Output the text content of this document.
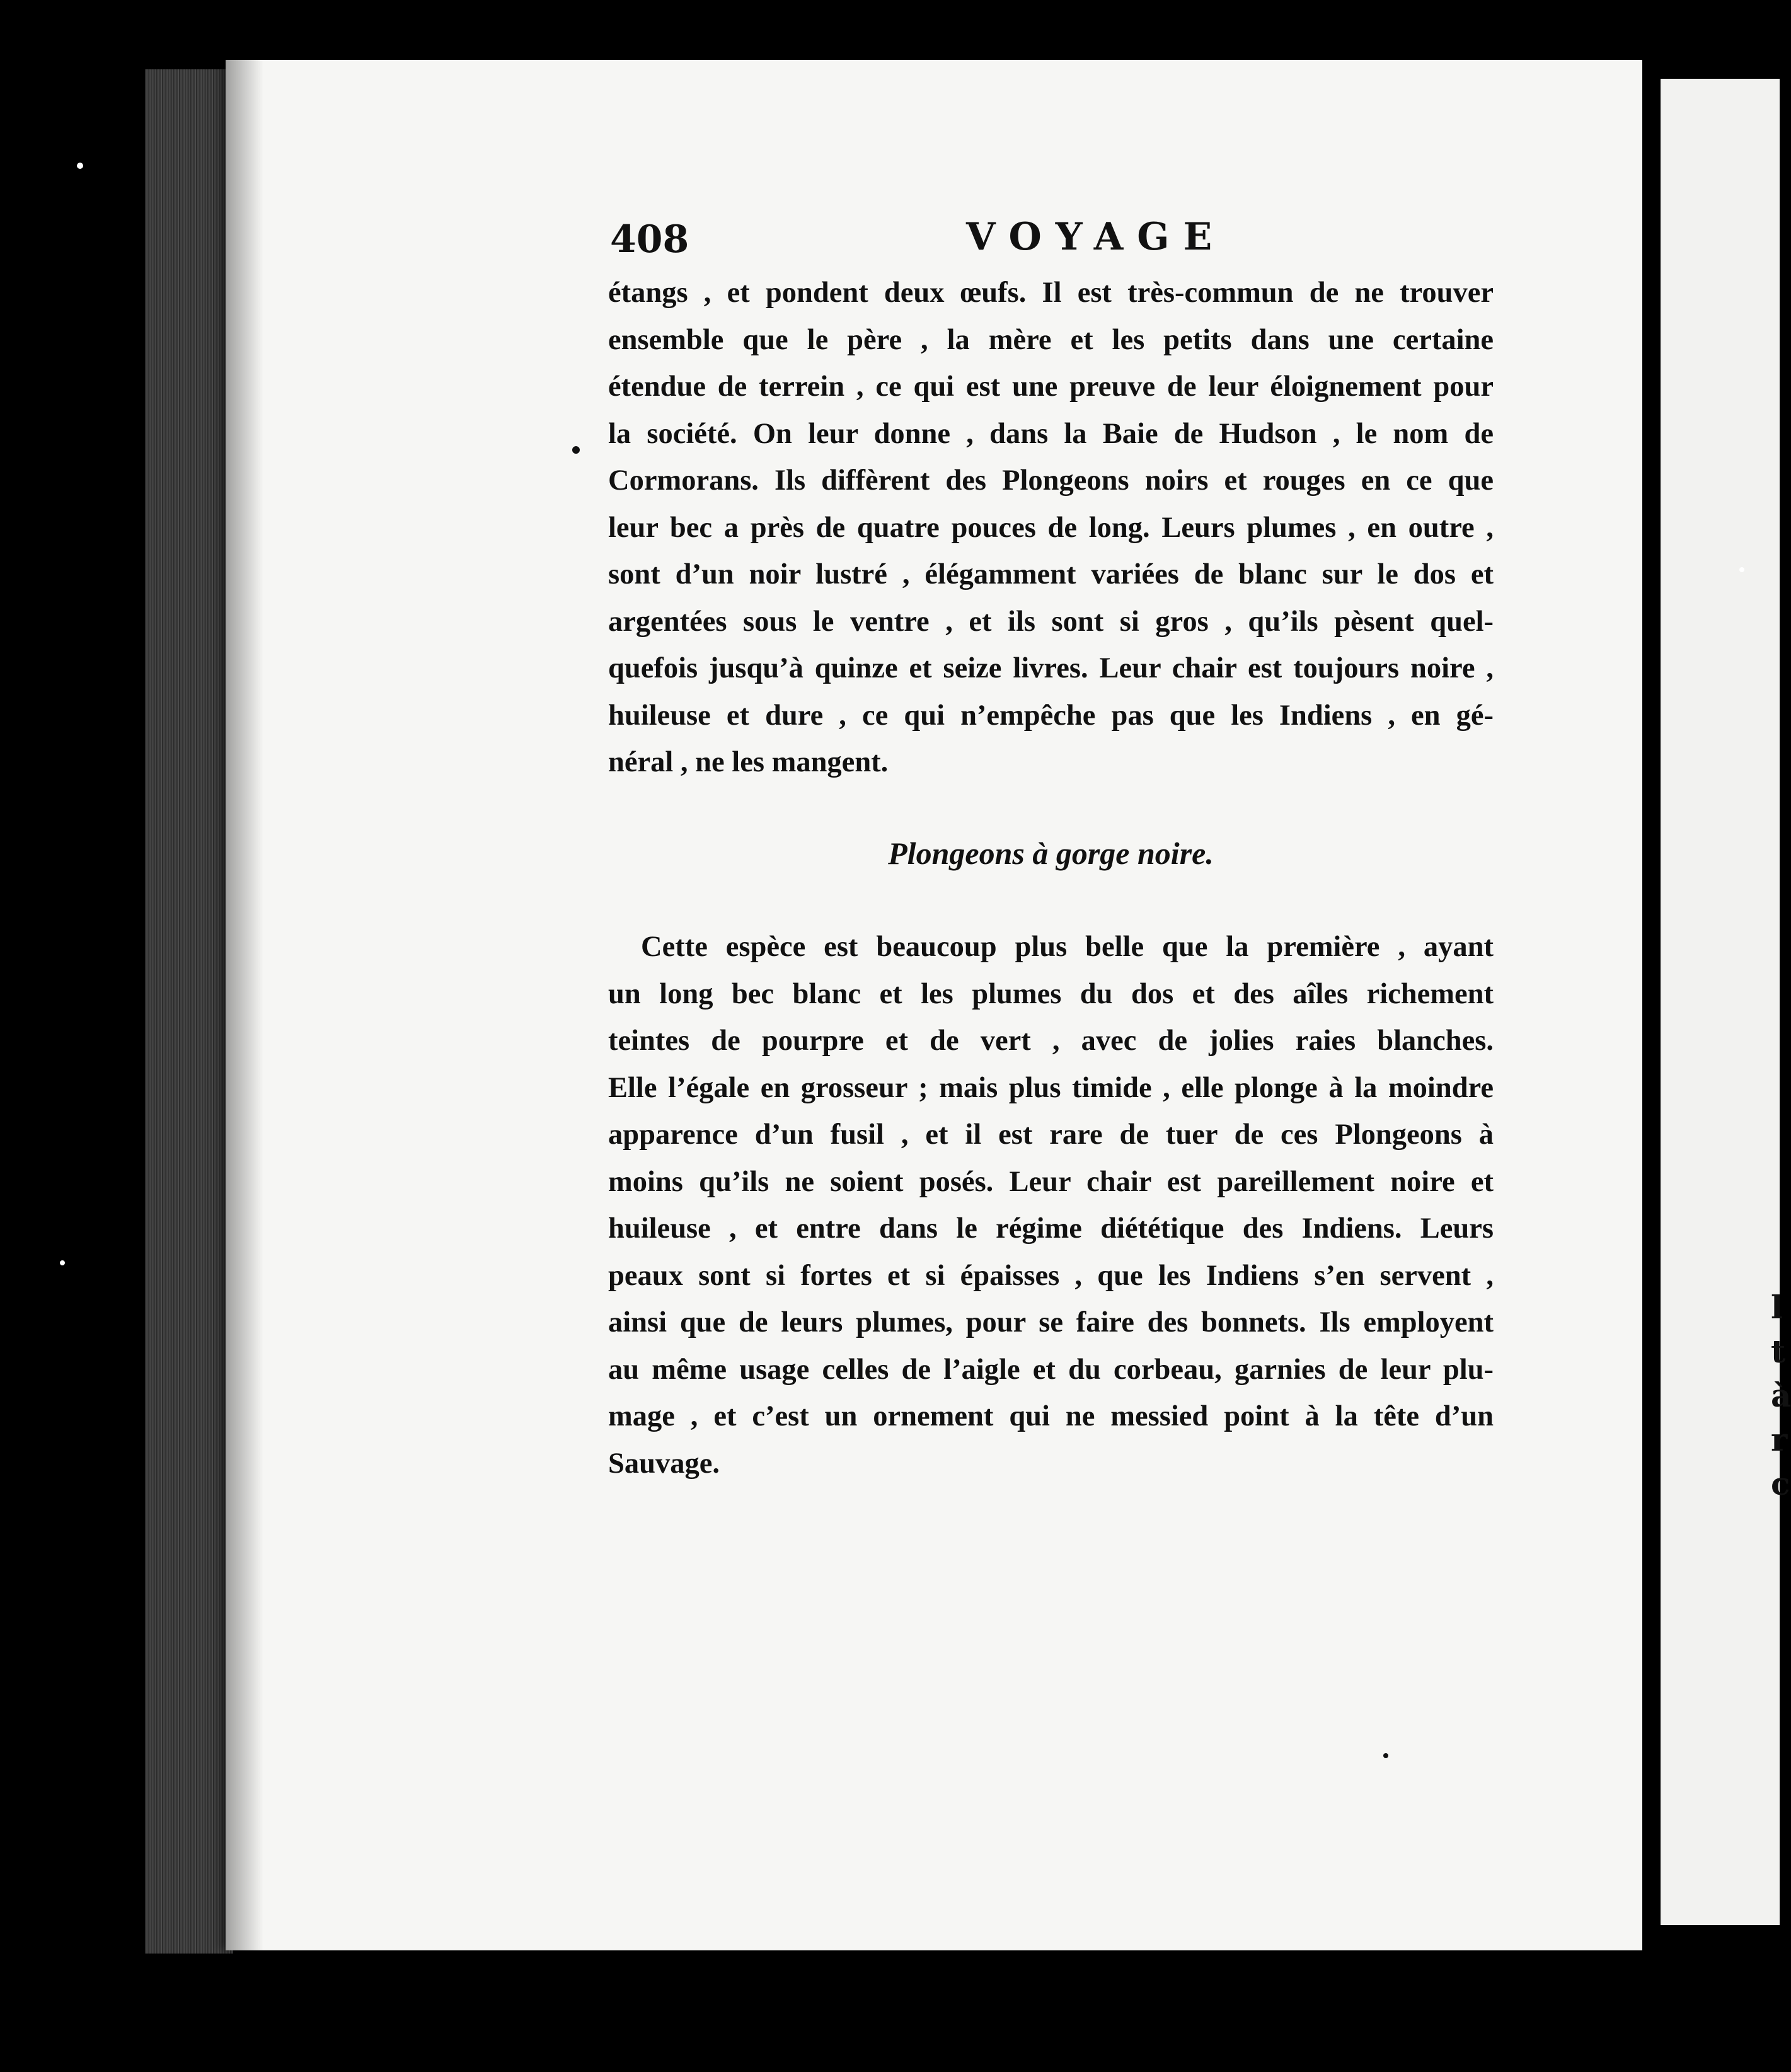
l
t
à
r
c
408	VOYAGE
étangs , et pondent deux œufs. Il est très-commun de ne trouver
ensemble que le père , la mère et les petits dans une certaine
étendue de terrein , ce qui est une preuve de leur éloignement pour
la société. On leur donne , dans la Baie de Hudson , le nom de
Cormorans. Ils diffèrent des Plongeons noirs et rouges en ce que
leur bec a près de quatre pouces de long. Leurs plumes , en outre ,
sont d’un noir lustré , élégamment variées de blanc sur le dos et
argentées sous le ventre , et ils sont si gros , qu’ils pèsent quel-
quefois jusqu’à quinze et seize livres. Leur chair est toujours noire ,
huileuse et dure , ce qui n’empêche pas que les Indiens , en gé-
néral , ne les mangent.
Plongeons à gorge noire.
Cette espèce est beaucoup plus belle que la première , ayant
un long bec blanc et les plumes du dos et des aîles richement
teintes de pourpre et de vert , avec de jolies raies blanches.
Elle l’égale en grosseur ; mais plus timide , elle plonge à la moindre
apparence d’un fusil , et il est rare de tuer de ces Plongeons à
moins qu’ils ne soient posés. Leur chair est pareillement noire et
huileuse , et entre dans le régime diététique des Indiens. Leurs
peaux sont si fortes et si épaisses , que les Indiens s’en servent ,
ainsi que de leurs plumes, pour se faire des bonnets. Ils employent
au même usage celles de l’aigle et du corbeau, garnies de leur plu-
mage , et c’est un ornement qui ne messied point à la tête d’un
Sauvage.
